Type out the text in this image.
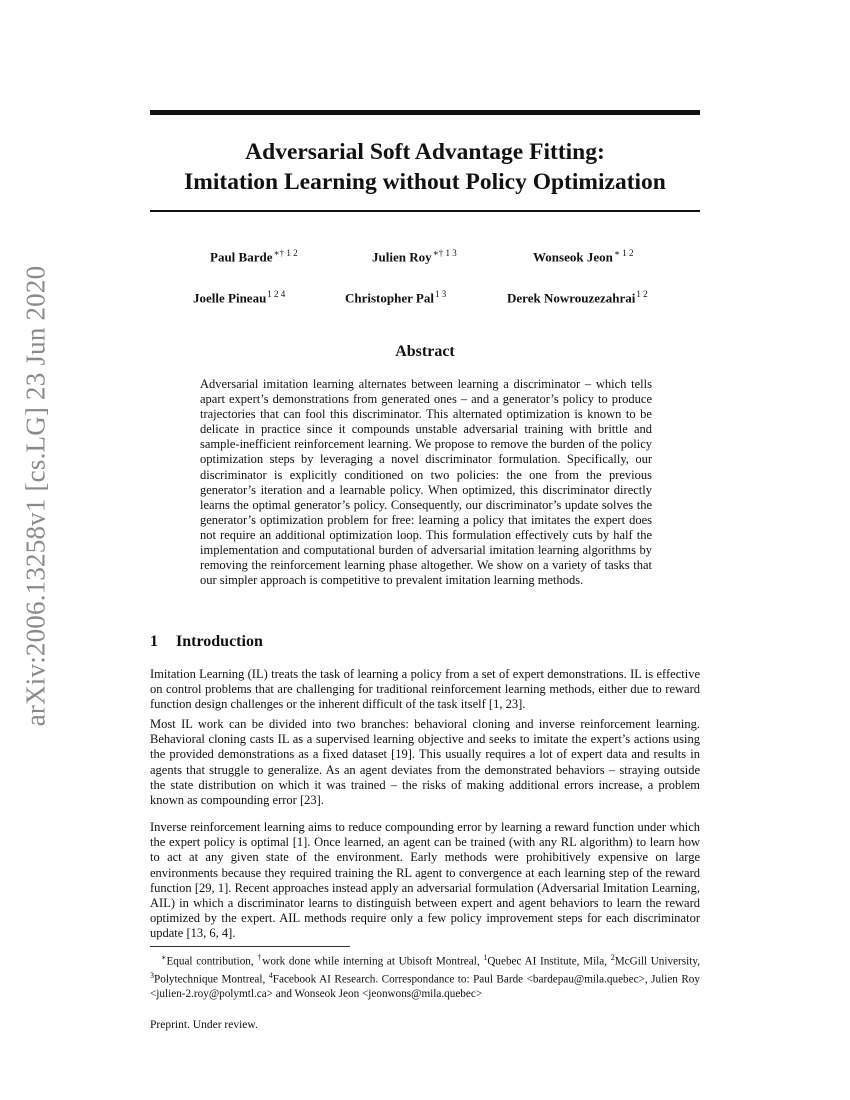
arXiv:2006.13258v1 [cs.LG] 23 Jun 2020
Adversarial Soft Advantage Fitting:
Imitation Learning without Policy Optimization
Paul Barde$^{∗\dagger 1 2}$	Julien Roy$^{∗\dagger 1 3}$	Wonseok Jeon$^{∗ 1 2}$
Joelle Pineau$^{1 2 4}$	Christopher Pal$^{1 3}$	Derek Nowrouzezahrai$^{1 2}$
Abstract
Adversarial imitation learning alternates between learning a discriminator – which tells apart expert’s demonstrations from generated ones – and a generator’s policy to produce trajectories that can fool this discriminator. This alternated optimization is known to be delicate in practice since it compounds unstable adversarial training with brittle and sample-inefficient reinforcement learning. We propose to remove the burden of the policy optimization steps by leveraging a novel discriminator formulation. Specifically, our discriminator is explicitly conditioned on two policies: the one from the previous generator’s iteration and a learnable policy. When optimized, this discriminator directly learns the optimal generator’s policy. Consequently, our discriminator’s update solves the generator’s optimization problem for free: learning a policy that imitates the expert does not require an additional optimization loop. This formulation effectively cuts by half the implementation and computational burden of adversarial imitation learning algorithms by removing the reinforcement learning phase altogether. We show on a variety of tasks that our simpler approach is competitive to prevalent imitation learning methods.
1 Introduction
Imitation Learning (IL) treats the task of learning a policy from a set of expert demonstrations. IL is effective on control problems that are challenging for traditional reinforcement learning methods, either due to reward function design challenges or the inherent difficult of the task itself [1, 23].
Most IL work can be divided into two branches: behavioral cloning and inverse reinforcement learning. Behavioral cloning casts IL as a supervised learning objective and seeks to imitate the expert’s actions using the provided demonstrations as a fixed dataset [19]. This usually requires a lot of expert data and results in agents that struggle to generalize. As an agent deviates from the demonstrated behaviors – straying outside the state distribution on which it was trained – the risks of making additional errors increase, a problem known as compounding error [23].
Inverse reinforcement learning aims to reduce compounding error by learning a reward function under which the expert policy is optimal [1]. Once learned, an agent can be trained (with any RL algorithm) to learn how to act at any given state of the environment. Early methods were prohibitively expensive on large environments because they required training the RL agent to convergence at each learning step of the reward function [29, 1]. Recent approaches instead apply an adversarial formulation (Adversarial Imitation Learning, AIL) in which a discriminator learns to distinguish between expert and agent behaviors to learn the reward optimized by the expert. AIL methods require only a few policy improvement steps for each discriminator update [13, 6, 4].
∗Equal contribution, †work done while interning at Ubisoft Montreal, $^1$Quebec AI Institute, Mila, $^2$McGill University, $^3$Polytechnique Montreal, $^4$Facebook AI Research. Correspondance to: Paul Barde <bardepau@mila.quebec>, Julien Roy <julien-2.roy@polymtl.ca> and Wonseok Jeon <jeonwons@mila.quebec>
Preprint. Under review.
